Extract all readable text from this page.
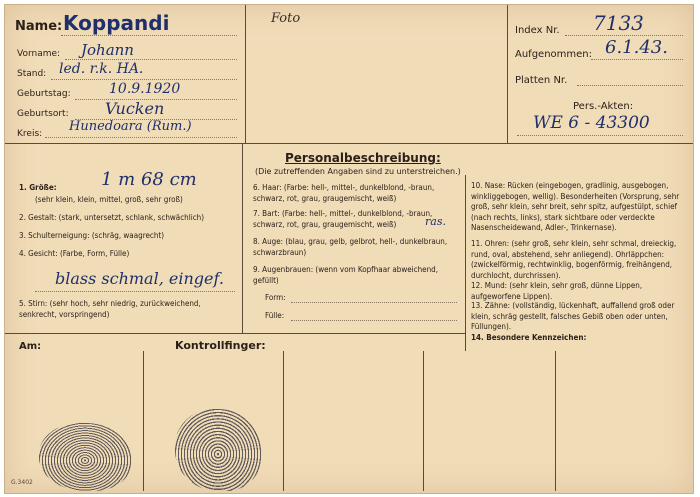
Name: Koppandi
Vorname: Johann
Stand: led. r.k. HA.
Geburtstag:	10.9.1920
Geburtsort: Vucken
Kreis: Hunedoara (Rum.)
Foto
Index Nr. 7133
Aufgenommen: 6.1.43.
Platten Nr.
Pers.-Akten:
WE 6 - 43300
Personalbeschreibung:
(Die zutreffenden Angaben sind zu unterstreichen.)
1. Größe:	1 m 68 cm
(sehr klein, klein, mittel, groß, sehr groß)
2. Gestalt: (stark, untersetzt, schlank, schwächlich)
3. Schulterneigung: (schräg, waagrecht)
4. Gesicht: (Farbe, Form, Fülle)
blass schmal, eingef.
5. Stirn: (sehr hoch, sehr niedrig, zurückweichend, senkrecht, vorspringend)
6. Haar: (Farbe: hell-, mittel-, dunkelblond, -braun, schwarz, rot, grau, graugemischt, weiß)
7. Bart: (Farbe: hell-, mittel-, dunkelblond, -braun, schwarz, rot, grau, graugemischt, weiß)	ras.
8. Auge: (blau, grau, gelb, gelbrot, hell-, dunkelbraun, schwarzbraun)
9. Augenbrauen: (wenn vom Kopfhaar abweichend, gefüllt)
Form:
Fülle:
10. Nase: Rücken (eingebogen, gradlinig, ausgebogen, winkliggebogen, wellig). Besonderheiten (Vorsprung, sehr groß, sehr klein, sehr breit, sehr spitz, aufgestülpt, schief (nach rechts, links), stark sichtbare oder verdeckte Nasenscheidewand, Adler-, Trinkernase).
11. Ohren: (sehr groß, sehr klein, sehr schmal, dreieckig, rund, oval, abstehend, sehr anliegend). Ohrläppchen: (zwickelförmig, rechtwinklig, bogenförmig, freihängend, durchlocht, durchrissen).
12. Mund: (sehr klein, sehr groß, dünne Lippen, aufgeworfene Lippen).
13. Zähne: (vollständig, lückenhaft, auffallend groß oder klein, schräg gestellt, falsches Gebiß oben oder unten, Füllungen).
14. Besondere Kennzeichen:
Am:	Kontrollfinger:
G.3402
